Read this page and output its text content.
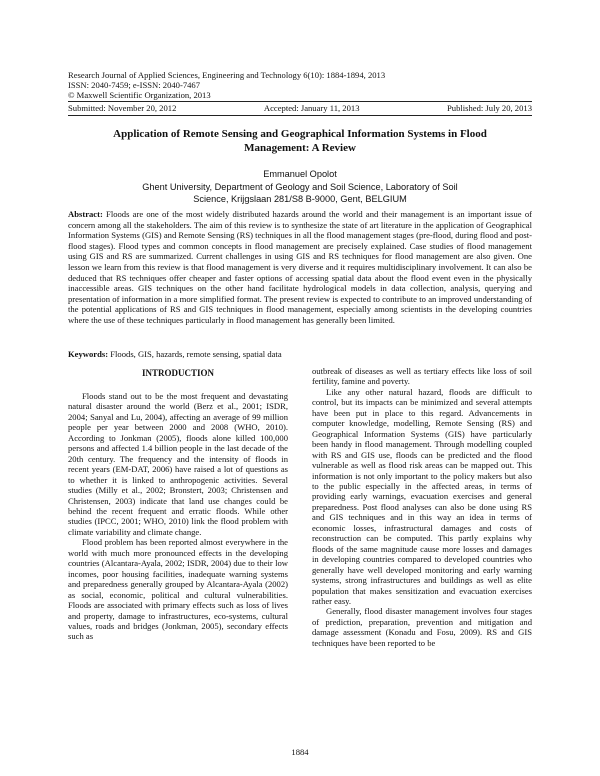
Research Journal of Applied Sciences, Engineering and Technology 6(10): 1884-1894, 2013
ISSN: 2040-7459; e-ISSN: 2040-7467
© Maxwell Scientific Organization, 2013
Submitted: November 20, 2012	Accepted: January 11, 2013	Published: July 20, 2013
Application of Remote Sensing and Geographical Information Systems in Flood Management: A Review
Emmanuel Opolot
Ghent University, Department of Geology and Soil Science, Laboratory of Soil
Science, Krijgslaan 281/S8 B-9000, Gent, BELGIUM
Abstract: Floods are one of the most widely distributed hazards around the world and their management is an important issue of concern among all the stakeholders. The aim of this review is to synthesize the state of art literature in the application of Geographical Information Systems (GIS) and Remote Sensing (RS) techniques in all the flood management stages (pre-flood, during flood and post-flood stages). Flood types and common concepts in flood management are precisely explained. Case studies of flood management using GIS and RS are summarized. Current challenges in using GIS and RS techniques for flood management are also given. One lesson we learn from this review is that flood management is very diverse and it requires multidisciplinary involvement. It can also be deduced that RS techniques offer cheaper and faster options of accessing spatial data about the flood event even in the physically inaccessible areas. GIS techniques on the other hand facilitate hydrological models in data collection, analysis, querying and presentation of information in a more simplified format. The present review is expected to contribute to an improved understanding of the potential applications of RS and GIS techniques in flood management, especially among scientists in the developing countries where the use of these techniques particularly in flood management has generally been limited.
Keywords: Floods, GIS, hazards, remote sensing, spatial data
INTRODUCTION

Floods stand out to be the most frequent and devastating natural disaster around the world (Berz et al., 2001; ISDR, 2004; Sanyal and Lu, 2004), affecting an average of 99 million people per year between 2000 and 2008 (WHO, 2010). According to Jonkman (2005), floods alone killed 100,000 persons and affected 1.4 billion people in the last decade of the 20th century. The frequency and the intensity of floods in recent years (EM-DAT, 2006) have raised a lot of questions as to whether it is linked to anthropogenic activities. Several studies (Milly et al., 2002; Bronstert, 2003; Christensen and Christensen, 2003) indicate that land use changes could be behind the recent frequent and erratic floods. While other studies (IPCC, 2001; WHO, 2010) link the flood problem with climate variability and climate change.

Flood problem has been reported almost everywhere in the world with much more pronounced effects in the developing countries (Alcantara-Ayala, 2002; ISDR, 2004) due to their low incomes, poor housing facilities, inadequate warning systems and preparedness generally grouped by Alcantara-Ayala (2002) as social, economic, political and cultural vulnerabilities. Floods are associated with primary effects such as loss of lives and property, damage to infrastructures, eco-systems, cultural values, roads and bridges (Jonkman, 2005), secondary effects such as

outbreak of diseases as well as tertiary effects like loss of soil fertility, famine and poverty.

Like any other natural hazard, floods are difficult to control, but its impacts can be minimized and several attempts have been put in place to this regard. Advancements in computer knowledge, modelling, Remote Sensing (RS) and Geographical Information Systems (GIS) have particularly been handy in flood management. Through modelling coupled with RS and GIS use, floods can be predicted and the flood vulnerable as well as flood risk areas can be mapped out. This information is not only important to the policy makers but also to the public especially in the affected areas, in terms of providing early warnings, evacuation exercises and general preparedness. Post flood analyses can also be done using RS and GIS techniques and in this way an idea in terms of economic losses, infrastructural damages and costs of reconstruction can be computed. This partly explains why floods of the same magnitude cause more losses and damages in developing countries compared to developed countries who generally have well developed monitoring and early warning systems, strong infrastructures and buildings as well as elite population that makes sensitization and evacuation exercises rather easy.

Generally, flood disaster management involves four stages of prediction, preparation, prevention and mitigation and damage assessment (Konadu and Fosu, 2009). RS and GIS techniques have been reported to be

1884
